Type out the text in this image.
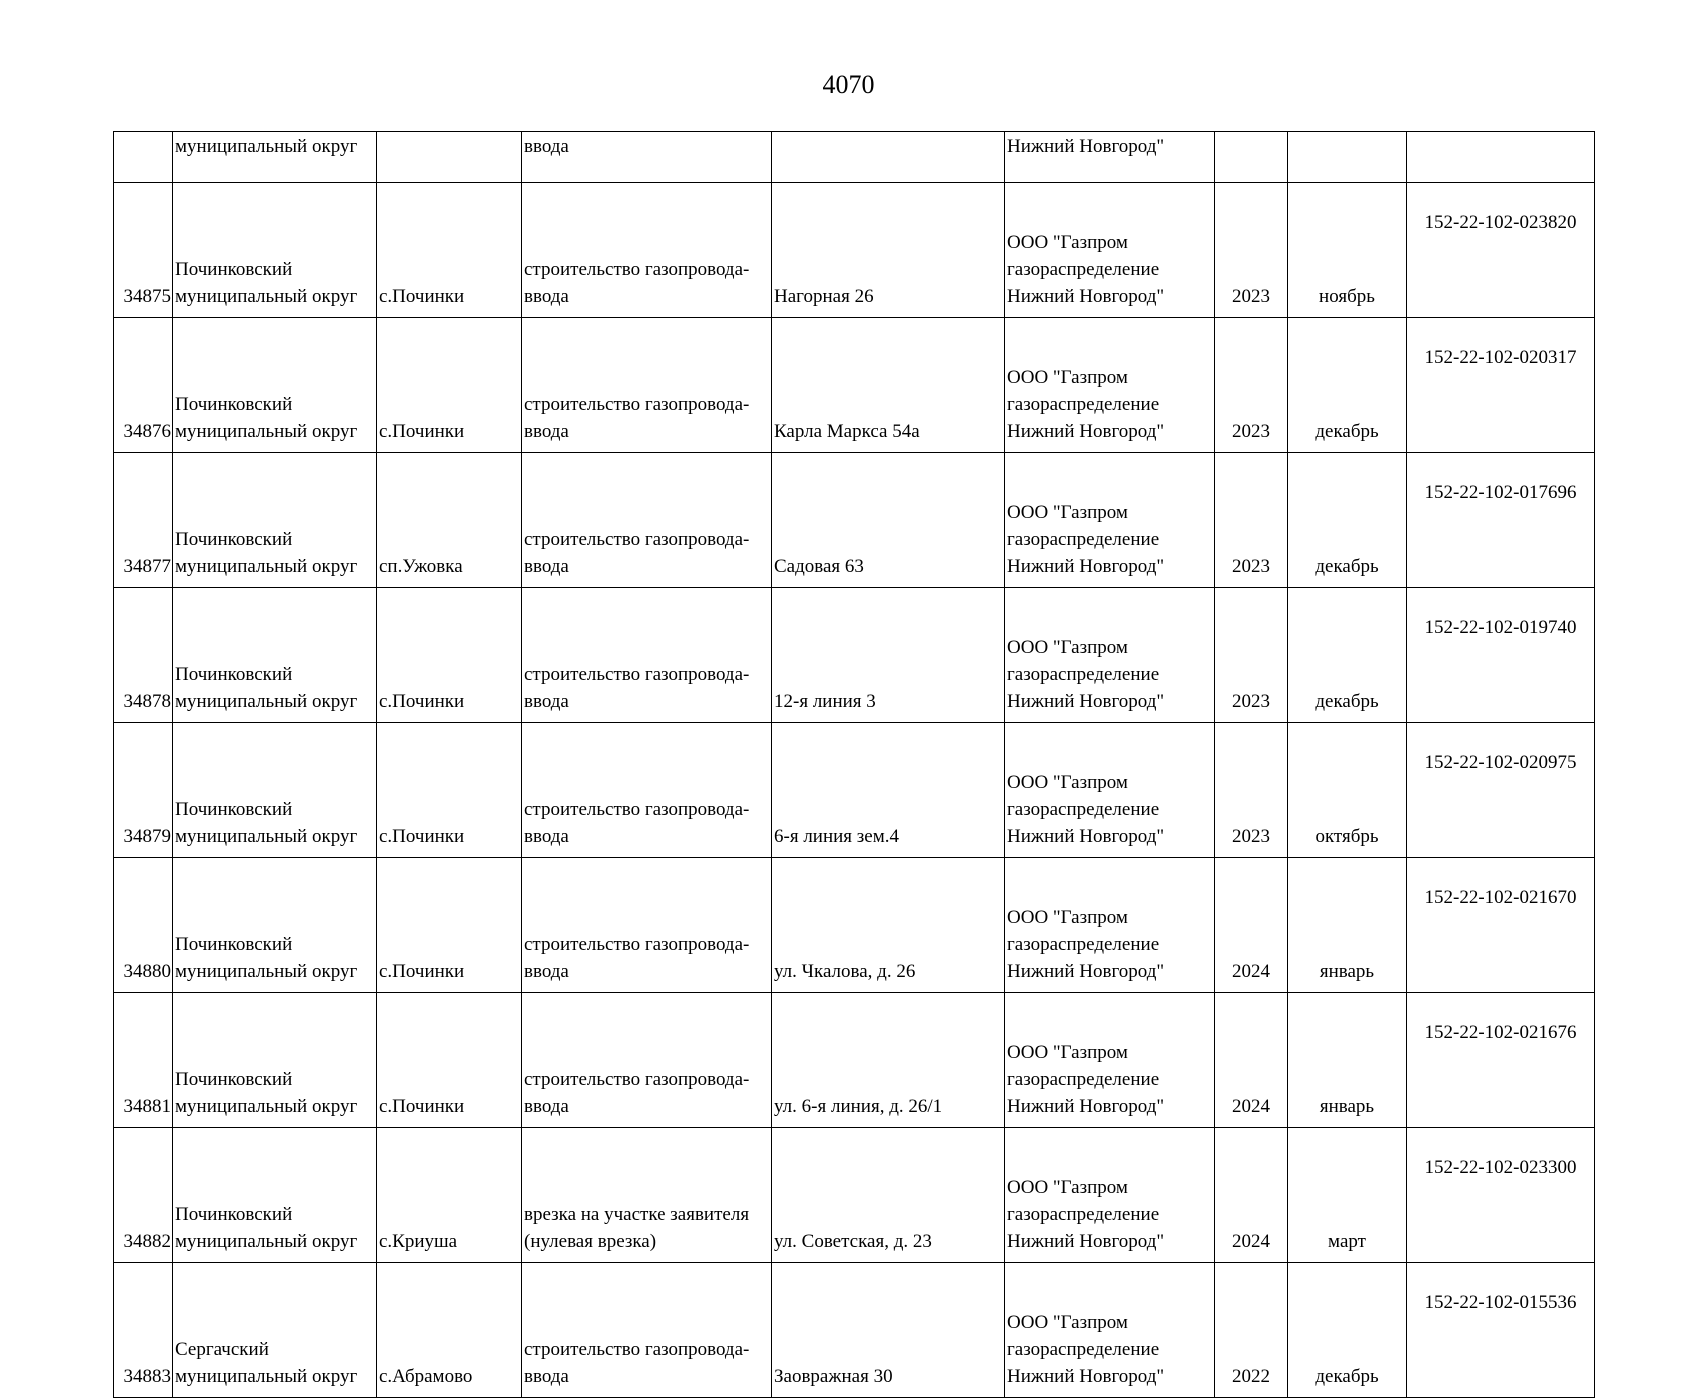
4070
	муниципальный округ		ввода		Нижний Новгород"			
34875	Починковский
муниципальный округ	с.Починки	строительство газопровода-
ввода	Нагорная 26	ООО "Газпром
газораспределение
Нижний Новгород"	2023	ноябрь	152-22-102-023820
34876	Починковский
муниципальный округ	с.Починки	строительство газопровода-
ввода	Карла Маркса 54а	ООО "Газпром
газораспределение
Нижний Новгород"	2023	декабрь	152-22-102-020317
34877	Починковский
муниципальный округ	сп.Ужовка	строительство газопровода-
ввода	Садовая 63	ООО "Газпром
газораспределение
Нижний Новгород"	2023	декабрь	152-22-102-017696
34878	Починковский
муниципальный округ	с.Починки	строительство газопровода-
ввода	12-я линия 3	ООО "Газпром
газораспределение
Нижний Новгород"	2023	декабрь	152-22-102-019740
34879	Починковский
муниципальный округ	с.Починки	строительство газопровода-
ввода	6-я линия зем.4	ООО "Газпром
газораспределение
Нижний Новгород"	2023	октябрь	152-22-102-020975
34880	Починковский
муниципальный округ	с.Починки	строительство газопровода-
ввода	ул. Чкалова, д. 26	ООО "Газпром
газораспределение
Нижний Новгород"	2024	январь	152-22-102-021670
34881	Починковский
муниципальный округ	с.Починки	строительство газопровода-
ввода	ул. 6-я линия, д. 26/1	ООО "Газпром
газораспределение
Нижний Новгород"	2024	январь	152-22-102-021676
34882	Починковский
муниципальный округ	с.Криуша	врезка на участке заявителя
(нулевая врезка)	ул. Советская, д. 23	ООО "Газпром
газораспределение
Нижний Новгород"	2024	март	152-22-102-023300
34883	Сергачский
муниципальный округ	с.Абрамово	строительство газопровода-
ввода	Заовражная 30	ООО "Газпром
газораспределение
Нижний Новгород"	2022	декабрь	152-22-102-015536
